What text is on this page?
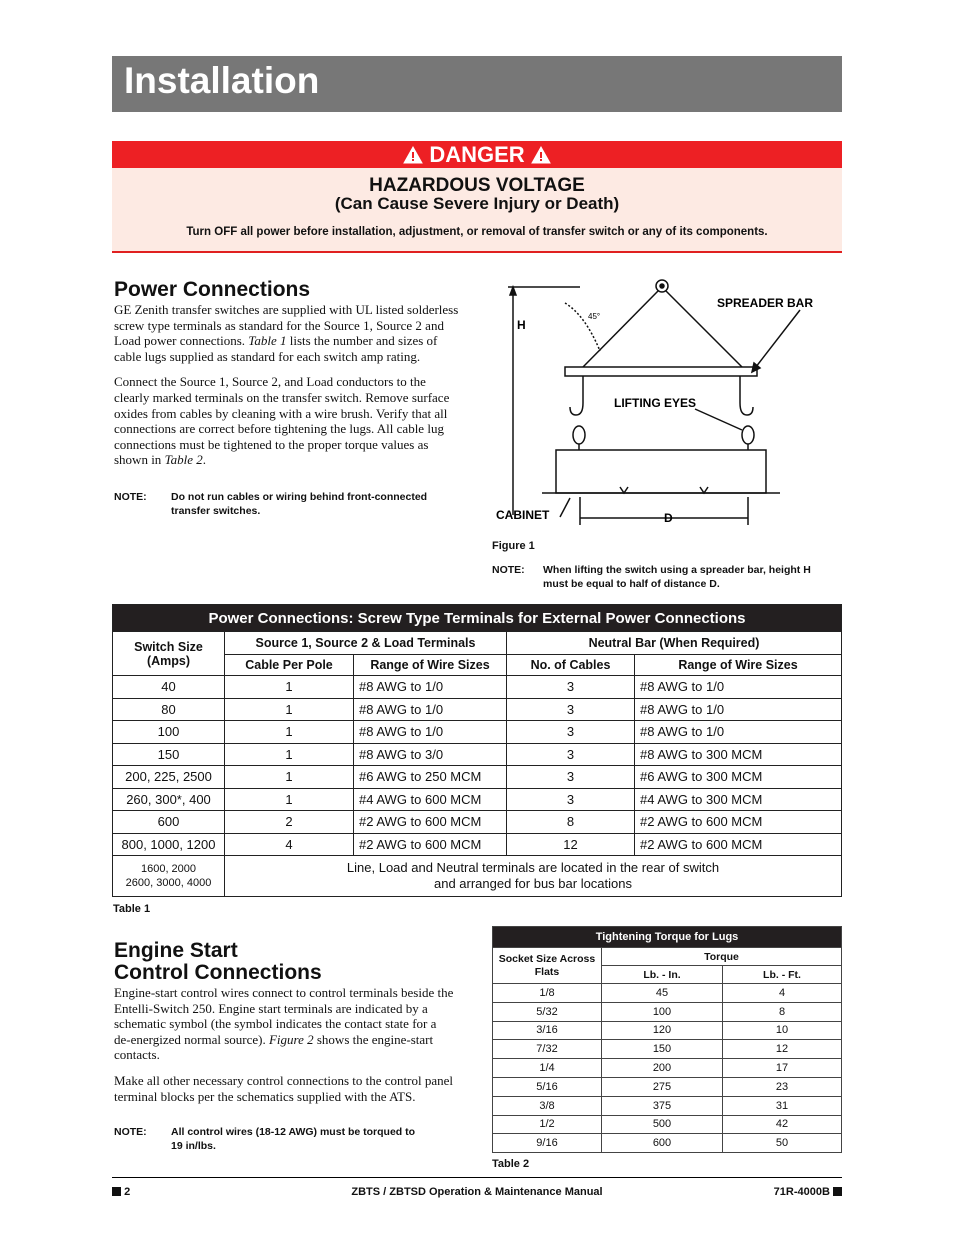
Installation
DANGER
HAZARDOUS VOLTAGE
(Can Cause Severe Injury or Death)
Turn OFF all power before installation, adjustment, or removal of transfer switch or any of its components.
Power Connections

GE Zenith transfer switches are supplied with UL listed solderless screw type terminals as standard for the Source 1, Source 2 and Load power connections. Table 1 lists the number and sizes of cable lugs supplied as standard for each switch amp rating.

Connect the Source 1, Source 2, and Load conductors to the clearly marked terminals on the transfer switch. Remove surface oxides from cables by cleaning with a wire brush. Verify that all connections are correct before tightening the lugs. All cable lug connections must be tightened to the proper torque values as shown in Table 2.

NOTE: Do not run cables or wiring behind front-connected transfer switches.
H
45°
SPREADER BAR
LIFTING EYES
CABINET	D
Figure 1
NOTE: When lifting the switch using a spreader bar, height H must be equal to half of distance D.
Power Connections: Screw Type Terminals for External Power Connections				
Switch Size (Amps)	Source 1, Source 2 & Load Terminals		Neutral Bar (When Required)	
	Cable Per Pole	Range of Wire Sizes	No. of Cables	Range of Wire Sizes
40	1	#8 AWG to 1/0	3	#8 AWG to 1/0
80	1	#8 AWG to 1/0	3	#8 AWG to 1/0
100	1	#8 AWG to 1/0	3	#8 AWG to 1/0
150	1	#8 AWG to 3/0	3	#8 AWG to 300 MCM
200, 225, 2500	1	#6 AWG to 250 MCM	3	#6 AWG to 300 MCM
260, 300*, 400	1	#4 AWG to 600 MCM	3	#4 AWG to 300 MCM
600	2	#2 AWG to 600 MCM	8	#2 AWG to 600 MCM
800, 1000, 1200	4	#2 AWG to 600 MCM	12	#2 AWG to 600 MCM
1600, 2000
2600, 3000, 4000	Line, Load and Neutral terminals are located in the rear of switch
and arranged for bus bar locations			
Table 1
Engine Start
Control Connections

Engine-start control wires connect to control terminals beside the Entelli-Switch 250. Engine start terminals are indicated by a schematic symbol (the symbol indicates the contact state for a de-energized normal source). Figure 2 shows the engine-start contacts.

Make all other necessary control connections to the control panel terminal blocks per the schematics supplied with the ATS.

NOTE: All control wires (18-12 AWG) must be torqued to 19 in/lbs.
Tightening Torque for Lugs		
Socket Size Across Flats	Torque	
	Lb. - In.	Lb. - Ft.
1/8	45	4
5/32	100	8
3/16	120	10
7/32	150	12
1/4	200	17
5/16	275	23
3/8	375	31
1/2	500	42
9/16	600	50
Table 2
2	ZBTS / ZBTSD Operation & Maintenance Manual	71R-4000B
